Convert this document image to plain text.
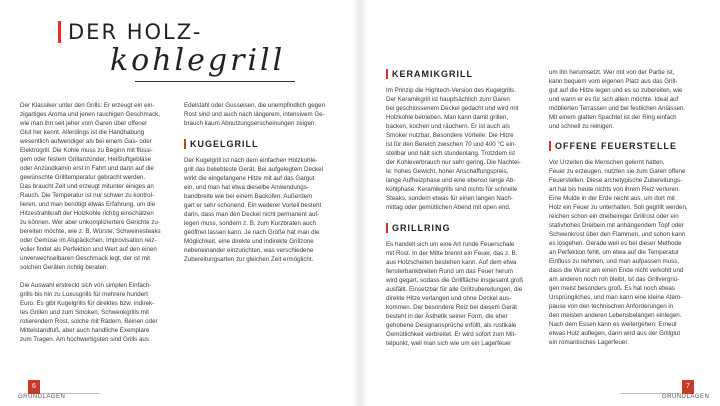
DER HOLZ-
kohlegrill

Der Klassiker unter den Grills: Er erzeugt ein ein-
zigartiges Aroma und jenen rauchigen Geschmack,
wie man ihn seit jeher vom Garen über offener
Glut her kennt. Allerdings ist die Handhabung
wesentlich aufwendiger als bei einem Gas- oder
Elektrogrill. Die Kohle muss zu Beginn mit flüssi-
gem oder festem Grillanzünder, Heißluftgebläse
oder Anzündkamin erst in Fahrt und dann auf die
gewünschte Grilltemperatur gebracht werden.
Das braucht Zeit und erzeugt mitunter einiges an
Rauch. Die Temperatur ist nur schwer zu kontrol-
lieren, und man benötigt etwas Erfahrung, um die
Hitzestrahlkraft der Holzkohle richtig einschätzen
zu können. Wer aber unkompliziertere Gerichte zu-
bereiten möchte, wie z. B. Würste, Schweinesteaks
oder Gemüse im Alupäckchen, Improvisation reiz-
voller findet als Perfektion und Wert auf den einen
unverwechselbaren Geschmack legt, der ist mit
solchen Geräten richtig beraten.

Die Auswahl erstreckt sich von simplen Einfach-
grills bis hin zu Luxusgrills für mehrere hundert
Euro. Es gibt Kugelgrills für direktes bzw. indirek-
tes Grillen und zum Smoken, Schwenkgrills mit
rotierendem Rost, solche mit Rädern, Beinen oder
Mittelstandfuß, aber auch handliche Exemplare
zum Tragen. Am hochwertigsten sind Grills aus

Edelstahl oder Gusseisen, die unempfindlich gegen
Rost sind und auch nach längerem, intensivem Ge-
brauch kaum Abnutzungserscheinungen zeigen.

KUGELGRILL

Der Kugelgrill ist nach dem einfachen Holzkohle-
grill das beliebteste Gerät. Bei aufgelegtem Deckel
wirkt die eingefangene Hitze mit auf das Gargut
ein, und man hat etwa dieselbe Anwendungs-
bandbreite wie bei einem Backofen. Außerdem
gart er sehr schonend. Ein weiterer Vorteil besteht
darin, dass man den Deckel nicht permanent auf-
legen muss, sondern z. B. zum Kurzbraten auch
geöffnet lassen kann. Je nach Größe hat man die
Möglichkeit, eine direkte und indirekte Grillzone
nebeneinander einzurichten, was verschiedene
Zubereitungsarten zur gleichen Zeit ermöglicht.

6
GRUNDLAGEN
KERAMIKGRILL

Im Prinzip die Hightech-Version des Kugelgrills.
Der Keramikgrill ist hauptsächlich zum Garen
bei geschlossenem Deckel gedacht und wird mit
Holzkohle betrieben. Man kann damit grillen,
backen, kochen und räuchern. Er ist auch als
Smoker nutzbar. Besondere Vorteile: Die Hitze
ist für den Bereich zwischen 70 und 400 °C ein-
stellbar und hält sich stundenlang. Trotzdem ist
der Kohleverbrauch nur sehr gering. Die Nachtei-
le: hohes Gewicht, hoher Anschaffungspreis,
lange Aufheizphase und eine ebenso lange Ab-
kühlphase. Keramikgrills sind nichts für schnelle
Steaks, sondern etwas für einen langen Nach-
mittag oder gemütlichen Abend mit open end.

GRILLRING

Es handelt sich um eine Art runde Feuerschale
mit Rost. In der Mitte brennt ein Feuer, das z. B.
aus Holzscheiten bestehen kann. Auf dem etwa
fensterbankbreiten Rund um das Feuer herum
wird gegart, sodass die Grillfläche insgesamt groß
ausfällt. Einsetzbar für alle Grillzubereitungen, die
direkte Hitze verlangen und ohne Deckel aus-
kommen. Der besondere Reiz bei diesem Gerät
besteht in der Ästhetik seiner Form, die eher
gehobene Designansprüche erfüllt, als rustikale
Gemütlichkeit verbreitet. Er wird sofort zum Mit-
telpunkt, weil man sich wie um ein Lagerfeuer

um ihn herumsetzt. Wer mit von der Partie ist,
kann bequem vom eigenen Platz aus das Grill-
gut auf die Hitze legen und es so zubereiten, wie
und wann er es für sich allein möchte. Ideal auf
möblierten Terrassen und bei festlichen Anlässen.
Mit einem glatten Spachtel ist der Ring einfach
und schnell zu reinigen.

OFFENE FEUERSTELLE

Vor Urzeiten die Menschen gelernt hatten,
Feuer zu erzeugen, nutzten sie zum Garen offene
Feuerstellen. Diese archetypische Zubereitungs-
art hat bis heute nichts von ihrem Reiz verloren.
Eine Mulde in der Erde reicht aus, um dort mit
Holz ein Feuer zu unterhalten. Soll gegrillt werden,
reichen schon ein dreibeiniger Grillrost oder ein
stativhohes Dreibein mit anhängendem Topf oder
Schwenkrost über den Flammen, und schon kann
es losgehen. Gerade weil es bei dieser Methode
an Perfektion fehlt, um etwa auf die Temperatur
Einfluss zu nehmen, und man aufpassen muss,
dass die Wurst am einen Ende nicht verkohlt und
am anderen noch roh bleibt, ist das Grillvergnü-
gen meist besonders groß. Es hat noch etwas
Ursprüngliches, und man kann eine kleine Atem-
pause von den technischen Anforderungen in
den meisten anderen Lebensbelangen einlegen.
Nach dem Essen kann es weitergehen: Erneut
etwas Holz auflegen, dann wird aus der Grillglut
ein romantisches Lagerfeuer.

7
GRUNDLAGEN
